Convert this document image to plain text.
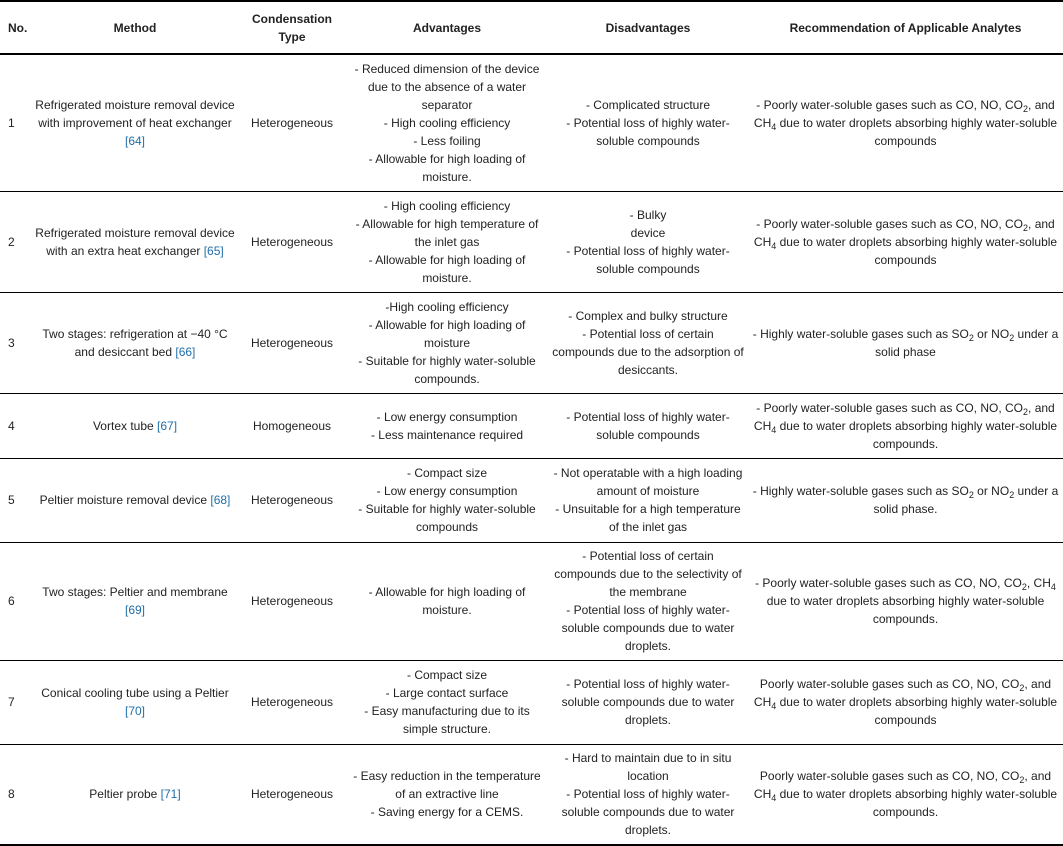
No.	Method	Condensation
Type	Advantages	Disadvantages	Recommendation of Applicable Analytes
1	Refrigerated moisture removal device with improvement of heat exchanger [64]	Heterogeneous	- Reduced dimension of the device due to the absence of a water separator
- High cooling efficiency
- Less foiling
- Allowable for high loading of moisture.	- Complicated structure
- Potential loss of highly water-soluble compounds	- Poorly water-soluble gases such as CO, NO, $CO_2$, and $CH_4$ due to water droplets absorbing highly water-soluble compounds
2	Refrigerated moisture removal device with an extra heat exchanger [65]	Heterogeneous	- High cooling efficiency
- Allowable for high temperature of the inlet gas
- Allowable for high loading of moisture.	- Bulky
device
- Potential loss of highly water-soluble compounds	- Poorly water-soluble gases such as CO, NO, $CO_2$, and $CH_4$ due to water droplets absorbing highly water-soluble compounds
3	Two stages: refrigeration at −40 °C and desiccant bed [66]	Heterogeneous	-High cooling efficiency
- Allowable for high loading of moisture
- Suitable for highly water-soluble compounds.	- Complex and bulky structure
- Potential loss of certain compounds due to the adsorption of desiccants.	- Highly water-soluble gases such as $SO_2$ or $NO_2$ under a solid phase
4	Vortex tube [67]	Homogeneous	- Low energy consumption
- Less maintenance required	- Potential loss of highly water-soluble compounds	- Poorly water-soluble gases such as CO, NO, $CO_2$, and $CH_4$ due to water droplets absorbing highly water-soluble compounds.
5	Peltier moisture removal device [68]	Heterogeneous	- Compact size
- Low energy consumption
- Suitable for highly water-soluble compounds	- Not operatable with a high loading amount of moisture
- Unsuitable for a high temperature of the inlet gas	- Highly water-soluble gases such as $SO_2$ or $NO_2$ under a solid phase.
6	Two stages: Peltier and membrane [69]	Heterogeneous	- Allowable for high loading of moisture.	- Potential loss of certain compounds due to the selectivity of the membrane
- Potential loss of highly water-soluble compounds due to water droplets.	- Poorly water-soluble gases such as CO, NO, $CO_2$, $CH_4$ due to water droplets absorbing highly water-soluble compounds.
7	Conical cooling tube using a Peltier [70]	Heterogeneous	- Compact size
- Large contact surface
- Easy manufacturing due to its simple structure.	- Potential loss of highly water-soluble compounds due to water droplets.	Poorly water-soluble gases such as CO, NO, $CO_2$, and $CH_4$ due to water droplets absorbing highly water-soluble compounds
8	Peltier probe [71]	Heterogeneous	- Easy reduction in the temperature of an extractive line
- Saving energy for a CEMS.	- Hard to maintain due to in situ location
- Potential loss of highly water-soluble compounds due to water droplets.	Poorly water-soluble gases such as CO, NO, $CO_2$, and $CH_4$ due to water droplets absorbing highly water-soluble compounds.
